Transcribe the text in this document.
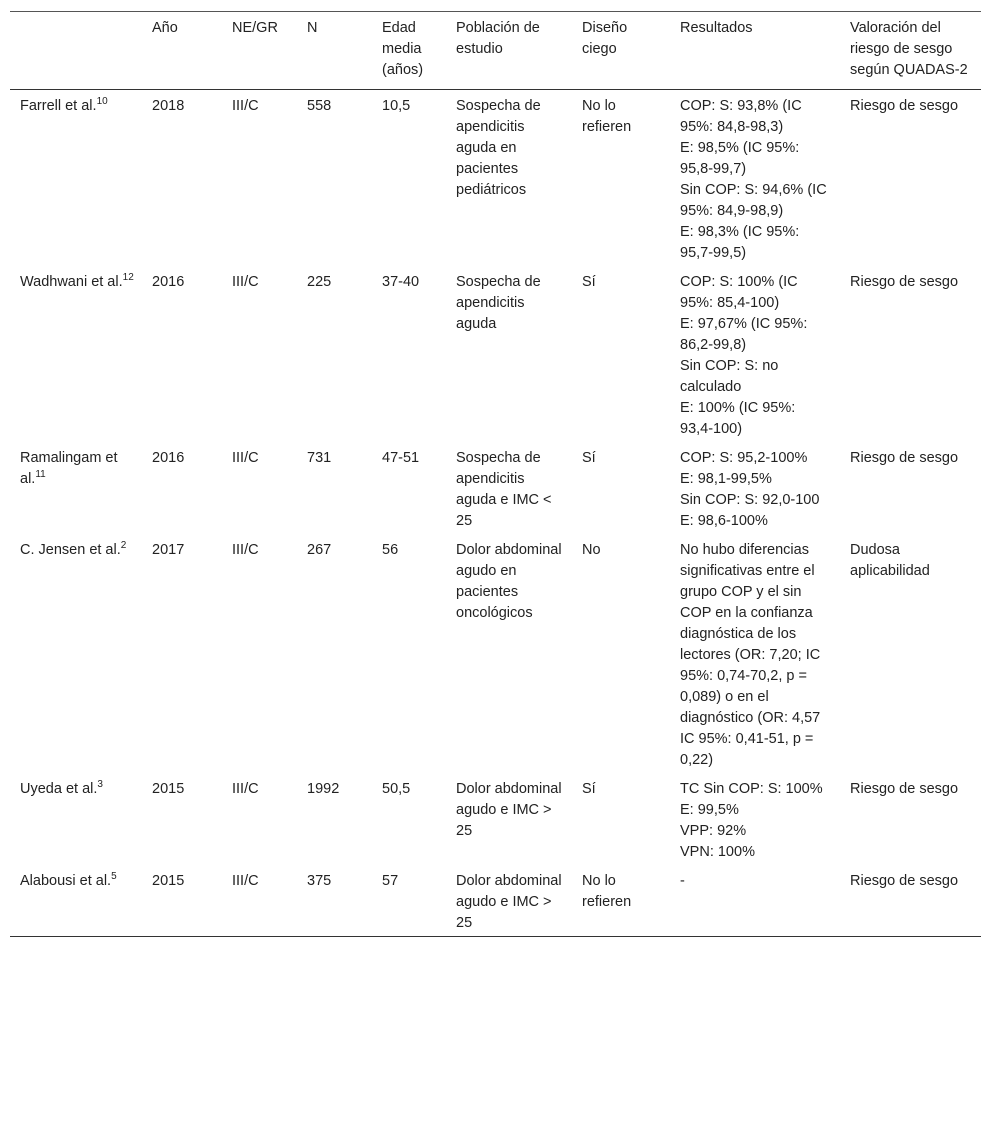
	Año	NE/GR	N	Edad media (años)	Población de estudio	Diseño ciego	Resultados	Valoración del riesgo de sesgo según QUADAS-2
Farrell et al.$^{10}$	2018	III/C	558	10,5	Sospecha de apendicitis aguda en pacientes pediátricos	No lo refieren	COP: S: 93,8% (IC 95%: 84,8-98,3)
E: 98,5% (IC 95%: 95,8-99,7)
Sin COP: S: 94,6% (IC 95%: 84,9-98,9)
E: 98,3% (IC 95%: 95,7-99,5)	Riesgo de sesgo
Wadhwani et al.$^{12}$	2016	III/C	225	37-40	Sospecha de apendicitis aguda	Sí	COP: S: 100% (IC 95%: 85,4-100)
E: 97,67% (IC 95%: 86,2-99,8)
Sin COP: S: no calculado
E: 100% (IC 95%: 93,4-100)	Riesgo de sesgo
Ramalingam et al.$^{11}$	2016	III/C	731	47-51	Sospecha de apendicitis aguda e IMC < 25	Sí	COP: S: 95,2-100%
E: 98,1-99,5%
Sin COP: S: 92,0-100
E: 98,6-100%	Riesgo de sesgo
C. Jensen et al.$^2$	2017	III/C	267	56	Dolor abdominal agudo en pacientes oncológicos	No	No hubo diferencias significativas entre el grupo COP y el sin COP en la confianza diagnóstica de los lectores (OR: 7,20; IC 95%: 0,74-70,2, p = 0,089) o en el diagnóstico (OR: 4,57 IC 95%: 0,41-51, p = 0,22)	Dudosa aplicabilidad
Uyeda et al.$^3$	2015	III/C	1992	50,5	Dolor abdominal agudo e IMC > 25	Sí	TC Sin COP: S: 100%
E: 99,5%
VPP: 92%
VPN: 100%	Riesgo de sesgo
Alabousi et al.$^5$	2015	III/C	375	57	Dolor abdominal agudo e IMC > 25	No lo refieren	-	Riesgo de sesgo
